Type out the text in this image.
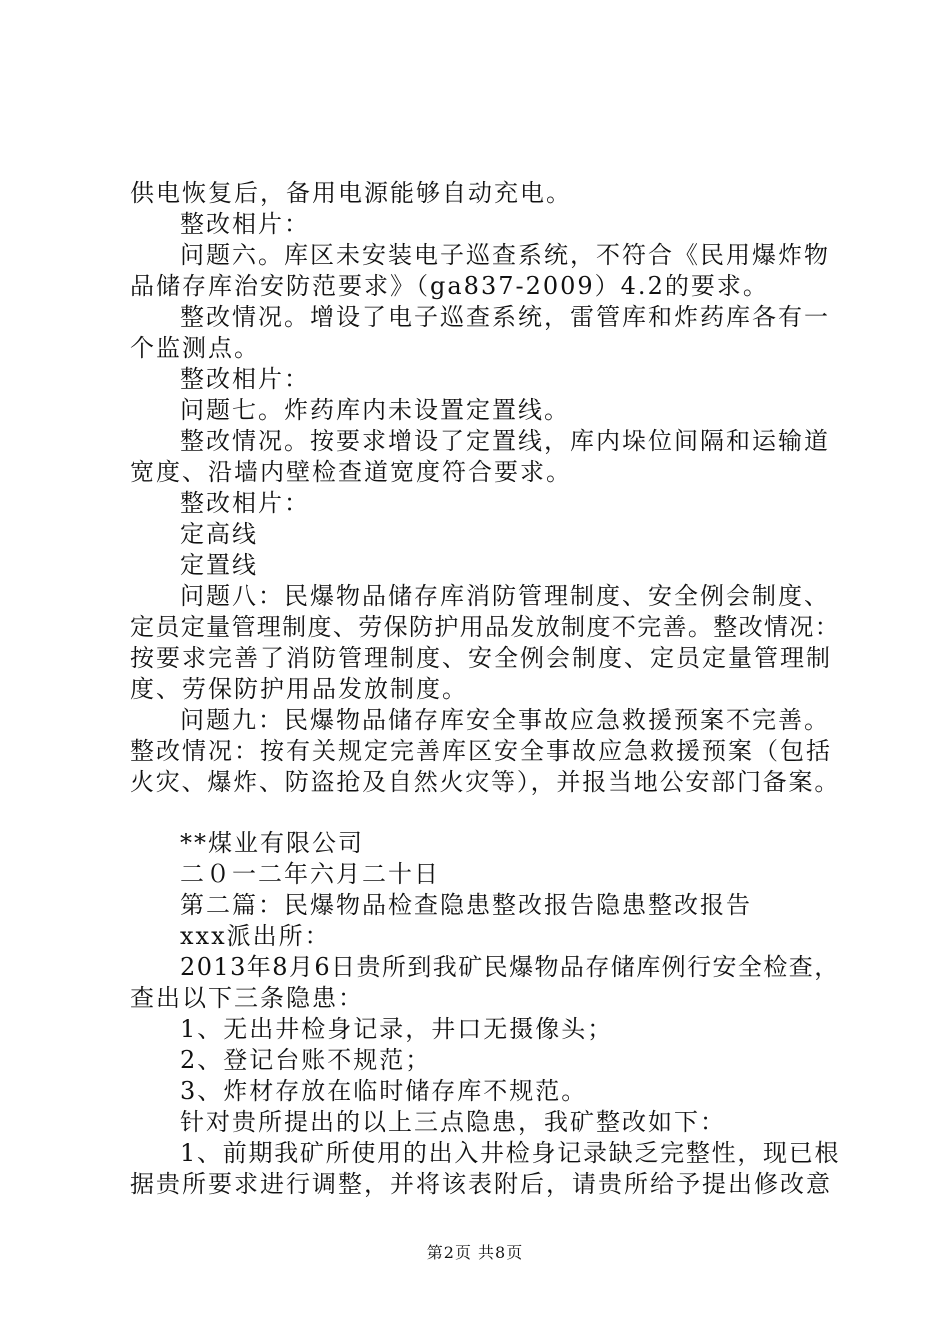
供电恢复后，备用电源能够自动充电。
整改相片：
问题六。库区未安装电子巡查系统，不符合《民用爆炸物
品储存库治安防范要求》（ga837-2009）4.2的要求。
整改情况。增设了电子巡查系统，雷管库和炸药库各有一
个监测点。
整改相片：
问题七。炸药库内未设置定置线。
整改情况。按要求增设了定置线，库内垛位间隔和运输道
宽度、沿墙内壁检查道宽度符合要求。
整改相片：
定高线
定置线
问题八：民爆物品储存库消防管理制度、安全例会制度、
定员定量管理制度、劳保防护用品发放制度不完善。整改情况：
按要求完善了消防管理制度、安全例会制度、定员定量管理制
度、劳保防护用品发放制度。
问题九：民爆物品储存库安全事故应急救援预案不完善。
整改情况：按有关规定完善库区安全事故应急救援预案（包括
火灾、爆炸、防盗抢及自然火灾等），并报当地公安部门备案。
**煤业有限公司
二０一二年六月二十日
第二篇：民爆物品检查隐患整改报告隐患整改报告
xxx派出所：
2013年8月6日贵所到我矿民爆物品存储库例行安全检查，
查出以下三条隐患：
1、无出井检身记录，井口无摄像头；
2、登记台账不规范；
3、炸材存放在临时储存库不规范。
针对贵所提出的以上三点隐患，我矿整改如下：
1、前期我矿所使用的出入井检身记录缺乏完整性，现已根
据贵所要求进行调整，并将该表附后，请贵所给予提出修改意
第2页 共8页
